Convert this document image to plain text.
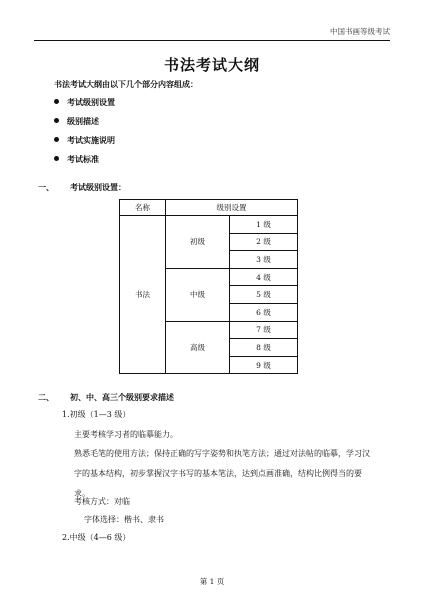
中国书画等级考试
书法考试大纲
书法考试大纲由以下几个部分内容组成：
考试级别设置
级别描述
考试实施说明
考试标准
一、 考试级别设置：
名称	级别设置	
书法	初级	1 级
		2 级
		3 级
	中级	4 级
		5 级
		6 级
	高级	7 级
		8 级
		9 级
二、 初、中、高三个级别要求描述
1.初级（1—3 级）
主要考核学习者的临摹能力。
熟悉毛笔的使用方法；保持正确的写字姿势和执笔方法；通过对法帖的临摹，学习汉字的基本结构，初步掌握汉字书写的基本笔法，达到点画准确，结构比例得当的要求。
考核方式：对临
字体选择：楷书、隶书
2.中级（4—6 级）
第 1 页
